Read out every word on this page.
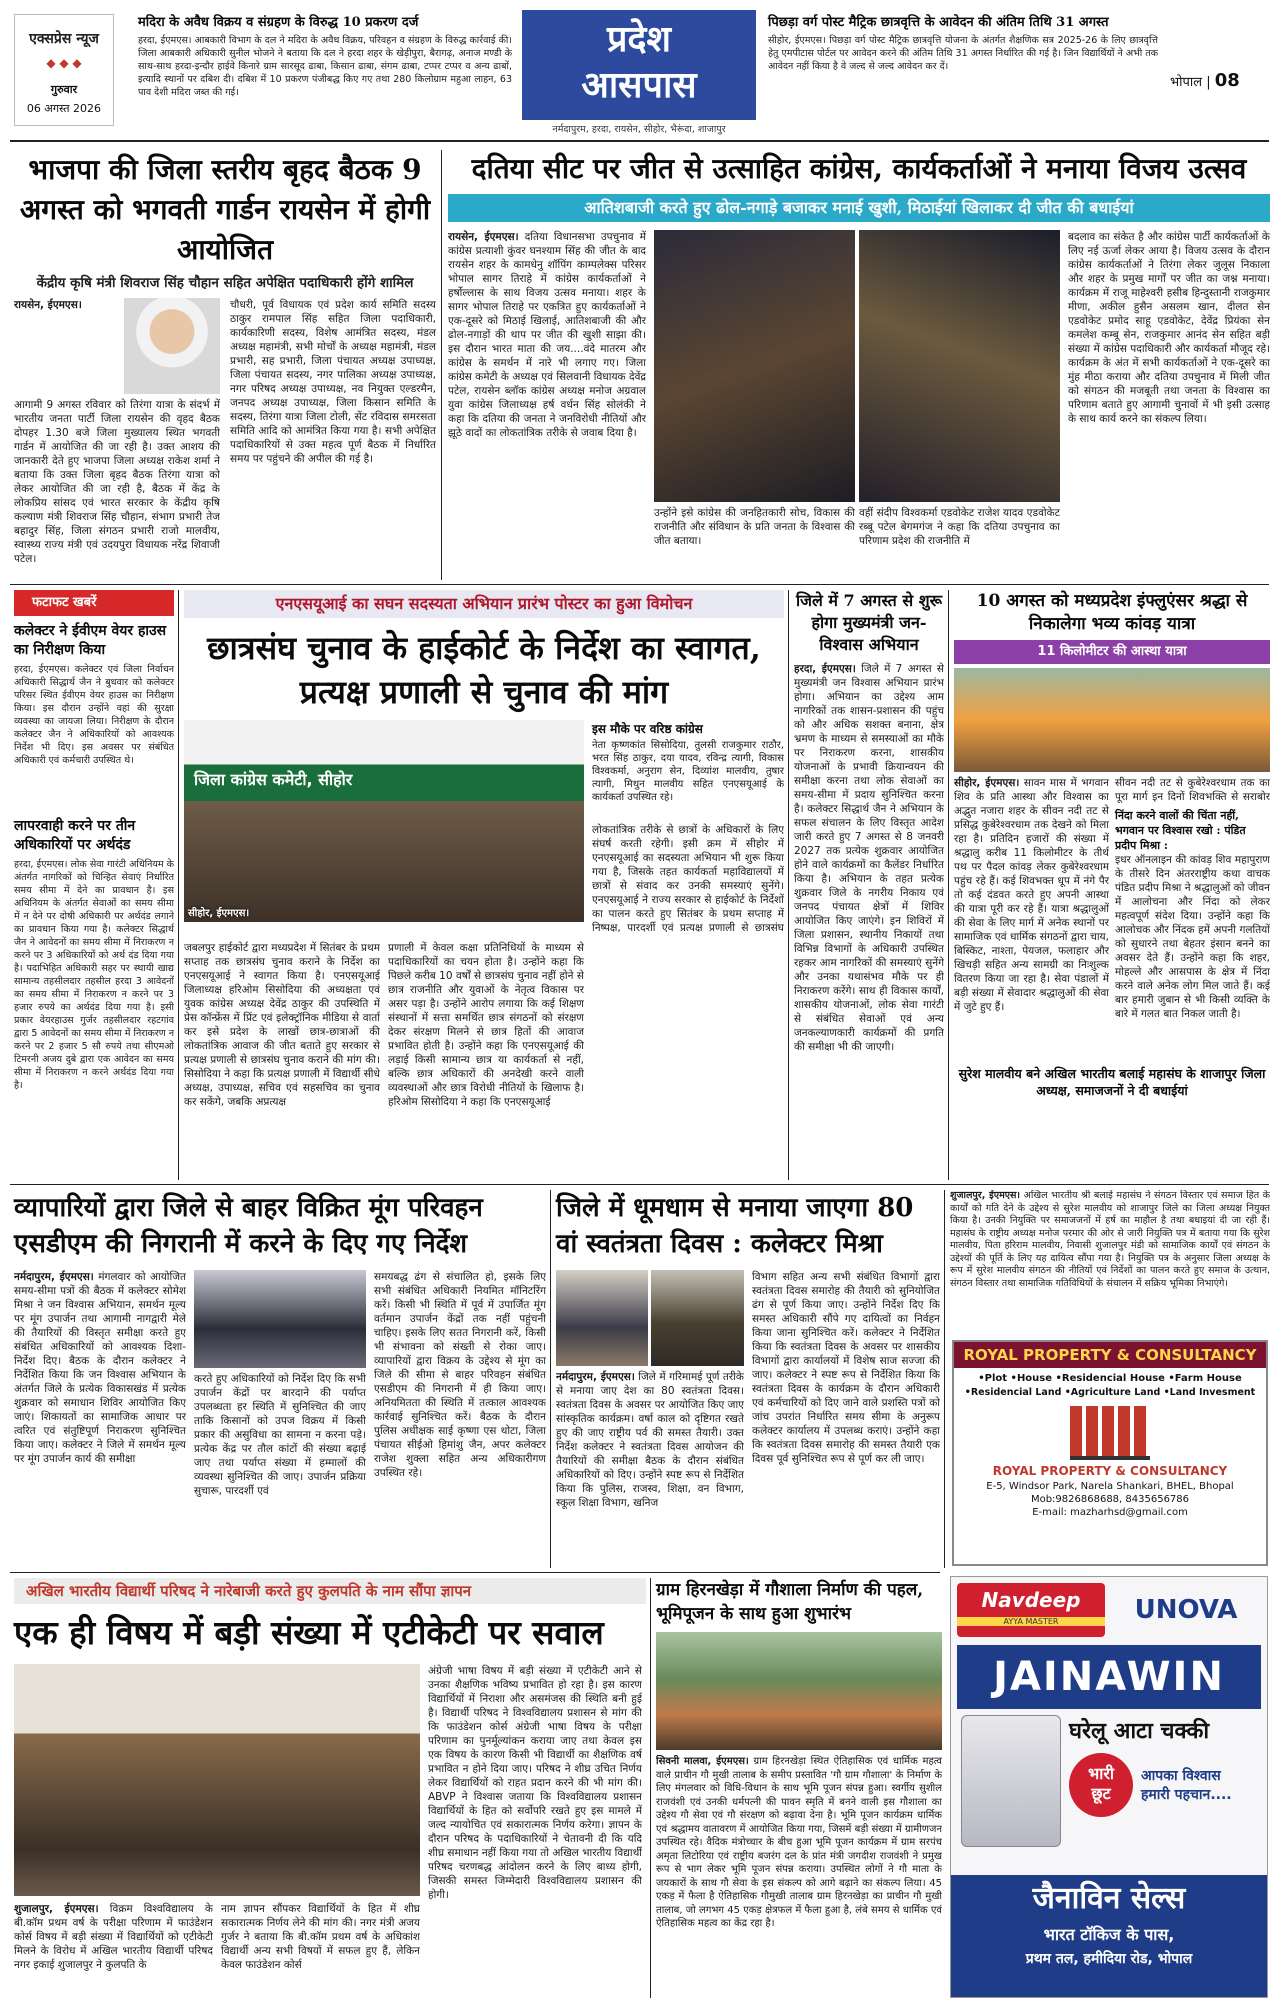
एक्सप्रेस न्यूज
◆ ◆ ◆
गुरुवार
06 अगस्त 2026
मदिरा के अवैध विक्रय व संग्रहण के विरुद्ध 10 प्रकरण दर्ज
हरदा, ईएमएस। आबकारी विभाग के दल ने मदिरा के अवैध विक्रय, परिवहन व संग्रहण के विरुद्ध कार्रवाई की। जिला आबकारी अधिकारी सुनील भोजने ने बताया कि दल ने हरदा शहर के खेड़ीपुरा, बैरागढ़, अनाज मण्डी के साथ-साथ हरदा-इन्दौर हाईवे किनारे ग्राम सारसूद ढाबा, किसान ढाबा, संगम ढाबा, टप्पर टप्पर व अन्य ढाबों, इत्यादि स्थानों पर दबिश दी। दबिश में 10 प्रकरण पंजीबद्ध किए गए तथा 280 किलोग्राम महुआ लाहन, 63 पाव देशी मदिरा जब्त की गई।
प्रदेश
आसपास
नर्मदापुरम, हरदा, रायसेन, सीहोर, भैरूंदा, शाजापुर
पिछड़ा वर्ग पोस्ट मैट्रिक छात्रवृत्ति के आवेदन की अंतिम तिथि 31 अगस्त
सीहोर, ईएमएस। पिछड़ा वर्ग पोस्ट मैट्रिक छात्रवृत्ति योजना के अंतर्गत शैक्षणिक सत्र 2025-26 के लिए छात्रवृत्ति हेतु एमपीटास पोर्टल पर आवेदन करने की अंतिम तिथि 31 अगस्त निर्धारित की गई है। जिन विद्यार्थियों ने अभी तक आवेदन नहीं किया है वे जल्द से जल्द आवेदन कर दें।
भोपाल | 08
भाजपा की जिला स्तरीय बृहद बैठक 9 अगस्त को भगवती गार्डन रायसेन में होगी आयोजित
केंद्रीय कृषि मंत्री शिवराज सिंह चौहान सहित अपेक्षित पदाधिकारी होंगे शामिल
रायसेन, ईएमएस।
आगामी 9 अगस्त रविवार को तिरंगा यात्रा के संदर्भ में भारतीय जनता पार्टी जिला रायसेन की वृहद बैठक दोपहर 1.30 बजे जिला मुख्यालय स्थित भगवती गार्डन में आयोजित की जा रही है। उक्त आशय की जानकारी देते हुए भाजपा जिला अध्यक्ष राकेश शर्मा ने बताया कि उक्त जिला बृहद बैठक तिरंगा यात्रा को लेकर आयोजित की जा रही है, बैठक में केंद्र के लोकप्रिय सांसद एवं भारत सरकार के केंद्रीय कृषि कल्याण मंत्री शिवराज सिंह चौहान, संभाग प्रभारी तेज बहादुर सिंह, जिला संगठन प्रभारी राजो मालवीय, स्वास्थ्य राज्य मंत्री एवं उदयपुरा विधायक नरेंद्र शिवाजी पटेल।
चौधरी, पूर्व विधायक एवं प्रदेश कार्य समिति सदस्य ठाकुर रामपाल सिंह सहित जिला पदाधिकारी, कार्यकारिणी सदस्य, विशेष आमंत्रित सदस्य, मंडल अध्यक्ष महामंत्री, सभी मोर्चों के अध्यक्ष महामंत्री, मंडल प्रभारी, सह प्रभारी, जिला पंचायत अध्यक्ष उपाध्यक्ष, जिला पंचायत सदस्य, नगर पालिका अध्यक्ष उपाध्यक्ष, नगर परिषद अध्यक्ष उपाध्यक्ष, नव नियुक्त एल्डरमैन, जनपद अध्यक्ष उपाध्यक्ष, जिला किसान समिति के सदस्य, तिरंगा यात्रा जिला टोली, सेंट रविदास समरसता समिति आदि को आमंत्रित किया गया है। सभी अपेक्षित पदाधिकारियों से उक्त महत्व पूर्ण बैठक में निर्धारित समय पर पहुंचने की अपील की गई है।
दतिया सीट पर जीत से उत्साहित कांग्रेस, कार्यकर्ताओं ने मनाया विजय उत्सव
आतिशबाजी करते हुए ढोल-नगाड़े बजाकर मनाई खुशी, मिठाईयां खिलाकर दी जीत की बधाईयां
रायसेन, ईएमएस। दतिया विधानसभा उपचुनाव में कांग्रेस प्रत्याशी कुंवर घनश्याम सिंह की जीत के बाद रायसेन शहर के कामधेनु शॉपिंग काम्पलेक्स परिसर भोपाल सागर तिराहे में कांग्रेस कार्यकर्ताओं ने हर्षोल्लास के साथ विजय उत्सव मनाया। शहर के सागर भोपाल तिराहे पर एकत्रित हुए कार्यकर्ताओं ने एक-दूसरे को मिठाई खिलाई, आतिशबाजी की और ढोल-नगाड़ों की थाप पर जीत की खुशी साझा की। इस दौरान भारत माता की जय....वंदे मातरम और कांग्रेस के समर्थन में नारे भी लगाए गए। जिला कांग्रेस कमेटी के अध्यक्ष एवं सिलवानी विधायक देवेंद्र पटेल, रायसेन ब्लॉक कांग्रेस अध्यक्ष मनोज अग्रवाल युवा कांग्रेस जिलाध्यक्ष हर्ष वर्धन सिंह सोलंकी ने कहा कि दतिया की जनता ने जनविरोधी नीतियों और झूठे वादों का लोकतांत्रिक तरीके से जवाब दिया है।
उन्होंने इसे कांग्रेस की जनहितकारी सोच, विकास की राजनीति और संविधान के प्रति जनता के विश्वास की जीत बताया।
वहीं संदीप विश्वकर्मा एडवोकेट राजेश यादव एडवोकेट रब्बू पटेल बेगमगंज ने कहा कि दतिया उपचुनाव का परिणाम प्रदेश की राजनीति में
बदलाव का संकेत है और कांग्रेस पार्टी कार्यकर्ताओं के लिए नई ऊर्जा लेकर आया है। विजय उत्सव के दौरान कांग्रेस कार्यकर्ताओं ने तिरंगा लेकर जुलूस निकाला और शहर के प्रमुख मार्गों पर जीत का जश्न मनाया। कार्यक्रम में राजू माहेश्वरी हसीब हिन्दुस्तानी राजकुमार मीणा, अकील हुसैन असलम खान, दीलत सेन एडवोकेट प्रमोद साहू एडवोकेट, देवेंद्र प्रियंका सेन कमलेश कम्बू सेन, राजकुमार आनंद सेन सहित बड़ी संख्या में कांग्रेस पदाधिकारी और कार्यकर्ता मौजूद रहे। कार्यक्रम के अंत में सभी कार्यकर्ताओं ने एक-दूसरे का मुंह मीठा कराया और दतिया उपचुनाव में मिली जीत को संगठन की मजबूती तथा जनता के विश्वास का परिणाम बताते हुए आगामी चुनावों में भी इसी उत्साह के साथ कार्य करने का संकल्प लिया।
फटाफट खबरें
कलेक्टर ने ईवीएम वेयर हाउस का निरीक्षण किया
हरदा, ईएमएस। कलेक्टर एवं जिला निर्वाचन अधिकारी सिद्धार्थ जैन ने बुधवार को कलेक्टर परिसर स्थित ईवीएम वेयर हाउस का निरीक्षण किया। इस दौरान उन्होंने वहां की सुरक्षा व्यवस्था का जायजा लिया। निरीक्षण के दौरान कलेक्टर जैन ने अधिकारियों को आवश्यक निर्देश भी दिए। इस अवसर पर संबंधित अधिकारी एवं कर्मचारी उपस्थित थे।
लापरवाही करने पर तीन अधिकारियों पर अर्थदंड
हरदा, ईएमएस। लोक सेवा गारंटी अधिनियम के अंतर्गत नागरिकों को चिन्हित सेवाएं निर्धारित समय सीमा में देने का प्रावधान है। इस अधिनियम के अंतर्गत सेवाओं का समय सीमा में न देने पर दोषी अधिकारी पर अर्थदंड लगाने का प्रावधान किया गया है। कलेक्टर सिद्धार्थ जैन ने आवेदनों का समय सीमा में निराकरण न करने पर 3 अधिकारियों को अर्थ दंड दिया गया है। पदाभिहित अधिकारी सहर पर स्थायी खाद्य सामान्य तहसीलदार तहसील हरदा 3 आवेदनों का समय सीमा में निराकरण न करने पर 3 हजार रुपये का अर्थदंड दिया गया है। इसी प्रकार वेयरहाउस गुर्जर तहसीलदार रहटगांव द्वारा 5 आवेदनों का समय सीमा में निराकरण न करने पर 2 हजार 5 सौ रुपये तथा सीएमओ टिमरनी अजय दुबे द्वारा एक आवेदन का समय सीमा में निराकरण न करने अर्थदंड दिया गया है।
एनएसयूआई का सघन सदस्यता अभियान प्रारंभ पोस्टर का हुआ विमोचन
छात्रसंघ चुनाव के हाईकोर्ट के निर्देश का स्वागत, प्रत्यक्ष प्रणाली से चुनाव की मांग
जिला कांग्रेस कमेटी, सीहोर
सीहोर, ईएमएस।
इस मौके पर वरिष्ठ कांग्रेस
नेता कृष्णकांत सिसोदिया, तुलसी राजकुमार राठौर, भरत सिंह ठाकुर, दया यादव, रविन्द्र त्यागी, विकास विश्वकर्मा, अनुराग सेन, दिव्यांश मालवीय, तुषार त्यागी, मिथुन मालवीय सहित एनएसयूआई के कार्यकर्ता उपस्थित रहे।
लोकतांत्रिक तरीके से छात्रों के अधिकारों के लिए संघर्ष करती रहेगी। इसी क्रम में सीहोर में एनएसयूआई का सदस्यता अभियान भी शुरू किया गया है, जिसके तहत कार्यकर्ता महाविद्यालयों में छात्रों से संवाद कर उनकी समस्याएं सुनेंगे। एनएसयूआई ने राज्य सरकार से हाईकोर्ट के निर्देशों का पालन करते हुए सितंबर के प्रथम सप्ताह में निष्पक्ष, पारदर्शी एवं प्रत्यक्ष प्रणाली से छात्रसंघ
जबलपुर हाईकोर्ट द्वारा मध्यप्रदेश में सितंबर के प्रथम सप्ताह तक छात्रसंघ चुनाव कराने के निर्देश का एनएसयूआई ने स्वागत किया है। एनएसयूआई जिलाध्यक्ष हरिओम सिसोदिया की अध्यक्षता एवं युवक कांग्रेस अध्यक्ष देवेंद्र ठाकुर की उपस्थिति में प्रेस कॉन्फ्रेंस में प्रिंट एवं इलेक्ट्रॉनिक मीडिया से वार्ता कर इसे प्रदेश के लाखों छात्र-छात्राओं की लोकतांत्रिक आवाज की जीत बताते हुए सरकार से प्रत्यक्ष प्रणाली से छात्रसंघ चुनाव कराने की मांग की। सिसोदिया ने कहा कि प्रत्यक्ष प्रणाली में विद्यार्थी सीधे अध्यक्ष, उपाध्यक्ष, सचिव एवं सहसचिव का चुनाव कर सकेंगे, जबकि अप्रत्यक्ष
प्रणाली में केवल कक्षा प्रतिनिधियों के माध्यम से पदाधिकारियों का चयन होता है। उन्होंने कहा कि पिछले करीब 10 वर्षों से छात्रसंघ चुनाव नहीं होने से छात्र राजनीति और युवाओं के नेतृत्व विकास पर असर पड़ा है। उन्होंने आरोप लगाया कि कई शिक्षण संस्थानों में सत्ता समर्थित छात्र संगठनों को संरक्षण देकर संरक्षण मिलने से छात्र हितों की आवाज प्रभावित होती है। उन्होंने कहा कि एनएसयूआई की लड़ाई किसी सामान्य छात्र या कार्यकर्ता से नहीं, बल्कि छात्र अधिकारों की अनदेखी करने वाली व्यवस्थाओं और छात्र विरोधी नीतियों के खिलाफ है। हरिओम सिसोदिया ने कहा कि एनएसयूआई
जिले में 7 अगस्त से शुरू होगा मुख्यमंत्री जन-विश्वास अभियान
हरदा, ईएमएस। जिले में 7 अगस्त से मुख्यमंत्री जन विश्वास अभियान प्रारंभ होगा। अभियान का उद्देश्य आम नागरिकों तक शासन-प्रशासन की पहुंच को और अधिक सशक्त बनाना, क्षेत्र भ्रमण के माध्यम से समस्याओं का मौके पर निराकरण करना, शासकीय योजनाओं के प्रभावी क्रियान्वयन की समीक्षा करना तथा लोक सेवाओं का समय-सीमा में प्रदाय सुनिश्चित करना है। कलेक्टर सिद्धार्थ जैन ने अभियान के सफल संचालन के लिए विस्तृत आदेश जारी करते हुए 7 अगस्त से 8 जनवरी 2027 तक प्रत्येक शुक्रवार आयोजित होने वाले कार्यक्रमों का कैलेंडर निर्धारित किया है। अभियान के तहत प्रत्येक शुक्रवार जिले के नगरीय निकाय एवं जनपद पंचायत क्षेत्रों में शिविर आयोजित किए जाएंगे। इन शिविरों में जिला प्रशासन, स्थानीय निकायों तथा विभिन्न विभागों के अधिकारी उपस्थित रहकर आम नागरिकों की समस्याएं सुनेंगे और उनका यथासंभव मौके पर ही निराकरण करेंगे। साथ ही विकास कार्यों, शासकीय योजनाओं, लोक सेवा गारंटी से संबंधित सेवाओं एवं अन्य जनकल्याणकारी कार्यक्रमों की प्रगति की समीक्षा भी की जाएगी।
10 अगस्त को मध्यप्रदेश इंफ्लुएंसर श्रद्धा से निकालेगा भव्य कांवड़ यात्रा
11 किलोमीटर की आस्था यात्रा
सीहोर, ईएमएस। सावन मास में भगवान शिव के प्रति आस्था और विश्वास का अद्भुत नजारा शहर के सीवन नदी तट से प्रसिद्ध कुबेरेश्वरधाम तक देखने को मिला रहा है। प्रतिदिन हजारों की संख्या में श्रद्धालु करीब 11 किलोमीटर के तीर्थ पथ पर पैदल कांवड़ लेकर कुबेरेश्वरधाम पहुंच रहे हैं। कई शिवभक्त धूप में नंगे पैर तो कई दंडवत करते हुए अपनी आस्था की यात्रा पूरी कर रहे हैं। यात्रा श्रद्धालुओं की सेवा के लिए मार्ग में अनेक स्थानों पर सामाजिक एवं धार्मिक संगठनों द्वारा चाय, बिस्किट, नाश्ता, पेयजल, फलाहार और खिचड़ी सहित अन्य सामग्री का निःशुल्क वितरण किया जा रहा है। सेवा पंडालों में बड़ी संख्या में सेवादार श्रद्धालुओं की सेवा में जुटे हुए हैं।
सीवन नदी तट से कुबेरेश्वरधाम तक का पूरा मार्ग इन दिनों शिवभक्ति से सराबोर
निंदा करने वालों की चिंता नहीं, भगवान पर विश्वास रखो : पंडित प्रदीप मिश्रा :
इधर ऑनलाइन की कांवड़ शिव महापुराण के तीसरे दिन अंतरराष्ट्रीय कथा वाचक पंडित प्रदीप मिश्रा ने श्रद्धालुओं को जीवन में आलोचना और निंदा को लेकर महत्वपूर्ण संदेश दिया। उन्होंने कहा कि आलोचक और निंदक हमें अपनी गलतियों को सुधारने तथा बेहतर इंसान बनने का अवसर देते हैं। उन्होंने कहा कि शहर, मोहल्ले और आसपास के क्षेत्र में निंदा करने वाले अनेक लोग मिल जाते हैं। कई बार हमारी जुबान से भी किसी व्यक्ति के बारे में गलत बात निकल जाती है।
सुरेश मालवीय बने अखिल भारतीय बलाई महासंघ के शाजापुर जिला अध्यक्ष, समाजजनों ने दी बधाईयां
व्यापारियों द्वारा जिले से बाहर विक्रित मूंग परिवहन एसडीएम की निगरानी में करने के दिए गए निर्देश
नर्मदापुरम, ईएमएस। मंगलवार को आयोजित समय-सीमा पत्रों की बैठक में कलेक्टर सोमेश मिश्रा ने जन विश्वास अभियान, समर्थन मूल्य पर मूंग उपार्जन तथा आगामी नागद्वारी मेले की तैयारियों की विस्तृत समीक्षा करते हुए संबंधित अधिकारियों को आवश्यक दिशा-निर्देश दिए। बैठक के दौरान कलेक्टर ने निर्देशित किया कि जन विश्वास अभियान के अंतर्गत जिले के प्रत्येक विकासखंड में प्रत्येक शुक्रवार को समाधान शिविर आयोजित किए जाएं। शिकायतों का सामाजिक आधार पर त्वरित एवं संतुष्टिपूर्ण निराकरण सुनिश्चित किया जाए। कलेक्टर ने जिले में समर्थन मूल्य पर मूंग उपार्जन कार्य की समीक्षा
करते हुए अधिकारियों को निर्देश दिए कि सभी उपार्जन केंद्रों पर बारदाने की पर्याप्त उपलब्धता हर स्थिति में सुनिश्चित की जाए ताकि किसानों को उपज विक्रय में किसी प्रकार की असुविधा का सामना न करना पड़े। प्रत्येक केंद्र पर तौल कांटों की संख्या बढ़ाई जाए तथा पर्याप्त संख्या में हम्मालों की व्यवस्था सुनिश्चित की जाए। उपार्जन प्रक्रिया सुचारू, पारदर्शी एवं
समयबद्ध ढंग से संचालित हो, इसके लिए सभी संबंधित अधिकारी नियमित मॉनिटरिंग करें। किसी भी स्थिति में पूर्व में उपार्जित मूंग वर्तमान उपार्जन केंद्रों तक नहीं पहुंचनी चाहिए। इसके लिए सतत निगरानी करें, किसी भी संभावना को संख्ती से रोका जाए। व्यापारियों द्वारा विक्रय के उद्देश्य से मूंग का जिले की सीमा से बाहर परिवहन संबंधित एसडीएम की निगरानी में ही किया जाए। अनियमितता की स्थिति में तत्काल आवश्यक कार्रवाई सुनिश्चित करें। बैठक के दौरान पुलिस अधीक्षक साई कृष्णा एस थोटा, जिला पंचायत सीईओ हिमांशु जैन, अपर कलेक्टर राजेश शुक्ला सहित अन्य अधिकारीगण उपस्थित रहे।
जिले में धूमधाम से मनाया जाएगा 80 वां स्वतंत्रता दिवस : कलेक्टर मिश्रा
नर्मदापुरम, ईएमएस। जिले में गरिमामई पूर्ण तरीके से मनाया जाए देश का 80 स्वतंत्रता दिवस। स्वतंत्रता दिवस के अवसर पर आयोजित किए जाए सांस्कृतिक कार्यक्रम। वर्षा काल को दृष्टिगत रखते हुए की जाए राष्ट्रीय पर्व की समस्त तैयारी। उक्त निर्देश कलेक्टर ने स्वतंत्रता दिवस आयोजन की तैयारियों की समीक्षा बैठक के दौरान संबंधित अधिकारियों को दिए। उन्होंने स्पष्ट रूप से निर्देशित किया कि पुलिस, राजस्व, शिक्षा, वन विभाग, स्कूल शिक्षा विभाग, खनिज
विभाग सहित अन्य सभी संबंधित विभागों द्वारा स्वतंत्रता दिवस समारोह की तैयारी को सुनियोजित ढंग से पूर्ण किया जाए। उन्होंने निर्देश दिए कि समस्त अधिकारी सौंपे गए दायित्वों का निर्वहन किया जाना सुनिश्चित करें। कलेक्टर ने निर्देशित किया कि स्वतंत्रता दिवस के अवसर पर शासकीय विभागों द्वारा कार्यालयों में विशेष साज सज्जा की जाए। कलेक्टर ने स्पष्ट रूप से निर्देशित किया कि स्वतंत्रता दिवस के कार्यक्रम के दौरान अधिकारी एवं कर्मचारियों को दिए जाने वाले प्रशस्ति पत्रों को जांच उपरांत निर्धारित समय सीमा के अनुरूप कलेक्टर कार्यालय में उपलब्ध कराएं। उन्होंने कहा कि स्वतंत्रता दिवस समारोह की समस्त तैयारी एक दिवस पूर्व सुनिश्चित रूप से पूर्ण कर ली जाए।
शुजालपुर, ईएमएस। अखिल भारतीय श्री बलाई महासंघ ने संगठन विस्तार एवं समाज हित के कार्यों को गति देने के उद्देश्य से सुरेश मालवीय को शाजापुर जिले का जिला अध्यक्ष नियुक्त किया है। उनकी नियुक्ति पर समाजजनों में हर्ष का माहौल है तथा बधाइयां दी जा रही हैं। महासंघ के राष्ट्रीय अध्यक्ष मनोज परमार की ओर से जारी नियुक्ति पत्र में बताया गया कि सुरेश मालवीय, पिता हरिराम मालवीय, निवासी शुजालपुर मंडी को सामाजिक कार्यों एवं संगठन के उद्देश्यों की पूर्ति के लिए यह दायित्व सौंपा गया है। नियुक्ति पत्र के अनुसार जिला अध्यक्ष के रूप में सुरेश मालवीय संगठन की नीतियों एवं निर्देशों का पालन करते हुए समाज के उत्थान, संगठन विस्तार तथा सामाजिक गतिविधियों के संचालन में सक्रिय भूमिका निभाएंगे।
ROYAL PROPERTY & CONSULTANCY
•Plot •House •Residencial House •Farm House
•Residencial Land •Agriculture Land •Land Invesment
ROYAL PROPERTY & CONSULTANCY
E-5, Windsor Park, Narela Shankari, BHEL, Bhopal
Mob:9826868688, 8435656786
E-mail: mazharhsd@gmail.com
अखिल भारतीय विद्यार्थी परिषद ने नारेबाजी करते हुए कुलपति के नाम सौंपा ज्ञापन
एक ही विषय में बड़ी संख्या में एटीकेटी पर सवाल
शुजालपुर, ईएमएस। विक्रम विश्वविद्यालय के बी.कॉम प्रथम वर्ष के परीक्षा परिणाम में फाउंडेशन कोर्स विषय में बड़ी संख्या में विद्यार्थियों को एटीकेटी मिलने के विरोध में अखिल भारतीय विद्यार्थी परिषद नगर इकाई शुजालपुर ने कुलपति के
नाम ज्ञापन सौंपकर विद्यार्थियों के हित में शीघ्र सकारात्मक निर्णय लेने की मांग की। नगर मंत्री अजय गुर्जर ने बताया कि बी.कॉम प्रथम वर्ष के अधिकांश विद्यार्थी अन्य सभी विषयों में सफल हुए हैं, लेकिन केवल फाउंडेशन कोर्स
अंग्रेजी भाषा विषय में बड़ी संख्या में एटीकेटी आने से उनका शैक्षणिक भविष्य प्रभावित हो रहा है। इस कारण विद्यार्थियों में निराशा और असमंजस की स्थिति बनी हुई है। विद्यार्थी परिषद ने विश्वविद्यालय प्रशासन से मांग की कि फाउंडेशन कोर्स अंग्रेजी भाषा विषय के परीक्षा परिणाम का पुनर्मूल्यांकन कराया जाए तथा केवल इस एक विषय के कारण किसी भी विद्यार्थी का शैक्षणिक वर्ष प्रभावित न होने दिया जाए। परिषद ने शीघ्र उचित निर्णय लेकर विद्यार्थियों को राहत प्रदान करने की भी मांग की। ABVP ने विश्वास जताया कि विश्वविद्यालय प्रशासन विद्यार्थियों के हित को सर्वोपरि रखते हुए इस मामले में जल्द न्यायोचित एवं सकारात्मक निर्णय करेगा। ज्ञापन के दौरान परिषद के पदाधिकारियों ने चेतावनी दी कि यदि शीघ्र समाधान नहीं किया गया तो अखिल भारतीय विद्यार्थी परिषद चरणबद्ध आंदोलन करने के लिए बाध्य होगी, जिसकी समस्त जिम्मेदारी विश्वविद्यालय प्रशासन की होगी।
ग्राम हिरनखेड़ा में गौशाला निर्माण की पहल, भूमिपूजन के साथ हुआ शुभारंभ
सिवनी मालवा, ईएमएस। ग्राम हिरनखेड़ा स्थित ऐतिहासिक एवं धार्मिक महत्व वाले प्राचीन गौ मुखी तालाब के समीप प्रस्तावित 'गौ ग्राम गौशाला' के निर्माण के लिए मंगलवार को विधि-विधान के साथ भूमि पूजन संपन्न हुआ। स्वर्गीय सुशील राजवंशी एवं उनकी धर्मपत्नी की पावन स्मृति में बनने वाली इस गौशाला का उद्देश्य गौ सेवा एवं गौ संरक्षण को बढ़ावा देना है। भूमि पूजन कार्यक्रम धार्मिक एवं श्रद्धामय वातावरण में आयोजित किया गया, जिसमें बड़ी संख्या में ग्रामीणजन उपस्थित रहे। वैदिक मंत्रोच्चार के बीच हुआ भूमि पूजन कार्यक्रम में ग्राम सरपंच अमृता लिटोरिया एवं राष्ट्रीय बजरंग दल के प्रांत मंत्री जगदीश राजवंशी ने प्रमुख रूप से भाग लेकर भूमि पूजन संपन्न कराया। उपस्थित लोगों ने गौ माता के जयकारों के साथ गौ सेवा के इस संकल्प को आगे बढ़ाने का संकल्प लिया। 45 एकड़ में फैला है ऐतिहासिक गौमुखी तालाब ग्राम हिरनखेड़ा का प्राचीन गौ मुखी तालाब, जो लगभग 45 एकड़ क्षेत्रफल में फैला हुआ है, लंबे समय से धार्मिक एवं ऐतिहासिक महत्व का केंद्र रहा है।
Navdeep
AYYA MASTER	UNOVA
JAINAWIN
घरेलू आटा चक्की
भारी
छूट
आपका विश्वास
हमारी पहचान....
जैनाविन सेल्स
भारत टॉकिज के पास,
प्रथम तल, हमीदिया रोड, भोपाल
